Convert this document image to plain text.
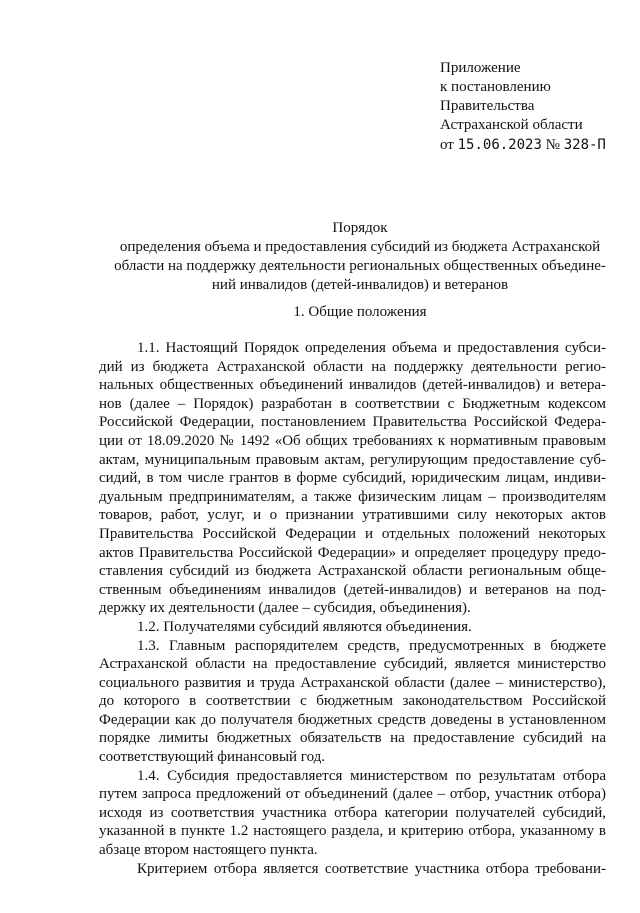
Приложение
к постановлению
Правительства
Астраханской области
от 15.06.2023 № 328-П
Порядок
определения объема и предоставления субсидий из бюджета Астраханской
области на поддержку деятельности региональных общественных объедине-
ний инвалидов (детей-инвалидов) и ветеранов
1. Общие положения
1.1. Настоящий Порядок определения объема и предоставления субси-
дий из бюджета Астраханской области на поддержку деятельности регио-
нальных общественных объединений инвалидов (детей-инвалидов) и ветера-
нов (далее – Порядок) разработан в соответствии с Бюджетным кодексом
Российской Федерации, постановлением Правительства Российской Федера-
ции от 18.09.2020 № 1492 «Об общих требованиях к нормативным правовым
актам, муниципальным правовым актам, регулирующим предоставление суб-
сидий, в том числе грантов в форме субсидий, юридическим лицам, индиви-
дуальным предпринимателям, а также физическим лицам – производителям
товаров, работ, услуг, и о признании утратившими силу некоторых актов
Правительства Российской Федерации и отдельных положений некоторых
актов Правительства Российской Федерации» и определяет процедуру предо-
ставления субсидий из бюджета Астраханской области региональным обще-
ственным объединениям инвалидов (детей-инвалидов) и ветеранов на под-
держку их деятельности (далее – субсидия, объединения).
1.2. Получателями субсидий являются объединения.
1.3. Главным распорядителем средств, предусмотренных в бюджете
Астраханской области на предоставление субсидий, является министерство
социального развития и труда Астраханской области (далее – министерство),
до которого в соответствии с бюджетным законодательством Российской
Федерации как до получателя бюджетных средств доведены в установленном
порядке лимиты бюджетных обязательств на предоставление субсидий на
соответствующий финансовый год.
1.4. Субсидия предоставляется министерством по результатам отбора
путем запроса предложений от объединений (далее – отбор, участник отбора)
исходя из соответствия участника отбора категории получателей субсидий,
указанной в пункте 1.2 настоящего раздела, и критерию отбора, указанному в
абзаце втором настоящего пункта.
Критерием отбора является соответствие участника отбора требовани-
